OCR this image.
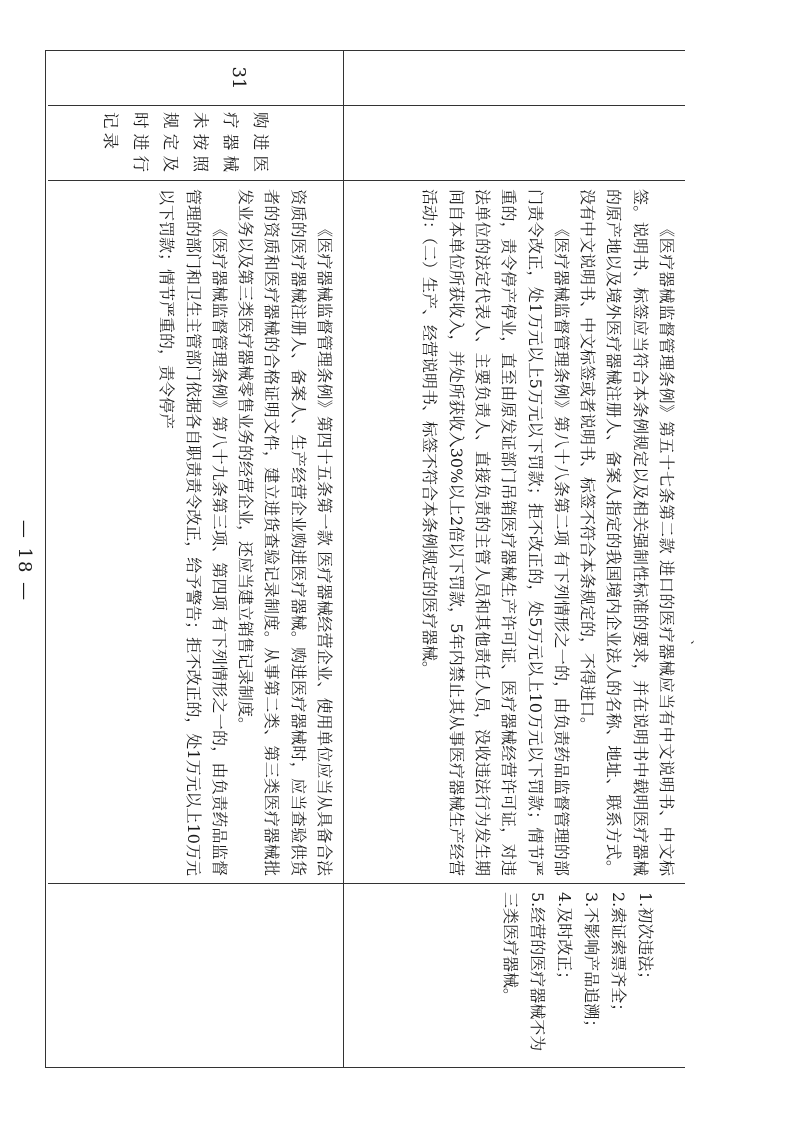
《医疗器械监督管理条例》第五十七条第二款 进口的医疗器械应当有中文说明书、中文标签。说明书、标签应当符合本条例规定以及相关强制性标准的要求，并在说明书中载明医疗器械的原产地以及境外医疗器械注册人、备案人指定的我国境内企业法人的名称、地址、联系方式。没有中文说明书、中文标签或者说明书、标签不符合本条规定的，不得进口。

《医疗器械监督管理条例》第八十八条第二项 有下列情形之一的，由负责药品监督管理的部门责令改正，处1万元以上5万元以下罚款；拒不改正的，处5万元以上10万元以下罚款；情节严重的，责令停产停业，直至由原发证部门吊销医疗器械生产许可证、医疗器械经营许可证，对违法单位的法定代表人、主要负责人、直接负责的主管人员和其他责任人员，没收违法行为发生期间自本单位所获收入，并处所获收入30%以上2倍以下罚款，5年内禁止其从事医疗器械生产经营活动：（二）生产、经营说明书、标签不符合本条例规定的医疗器械。

1.初次违法；

2.索证索票齐全；

3.不影响产品追溯；

4.及时改正；

5.经营的医疗器械不为三类医疗器械。

31
购进医疗器械未按照规定及时进行记录

《医疗器械监督管理条例》第四十五条第一款 医疗器械经营企业、使用单位应当从具备合法资质的医疗器械注册人、备案人、生产经营企业购进医疗器械。购进医疗器械时，应当查验供货者的资质和医疗器械的合格证明文件，建立进货查验记录制度。从事第二类、第三类医疗器械批发业务以及第三类医疗器械零售业务的经营企业，还应当建立销售记录制度。

《医疗器械监督管理条例》第八十九条第三项、第四项 有下列情形之一的，由负责药品监督管理的部门和卫生主管部门依据各自职责责令改正，给予警告；拒不改正的，处1万元以上10万元以下罚款；情节严重的，责令停产

、
— 18 —
